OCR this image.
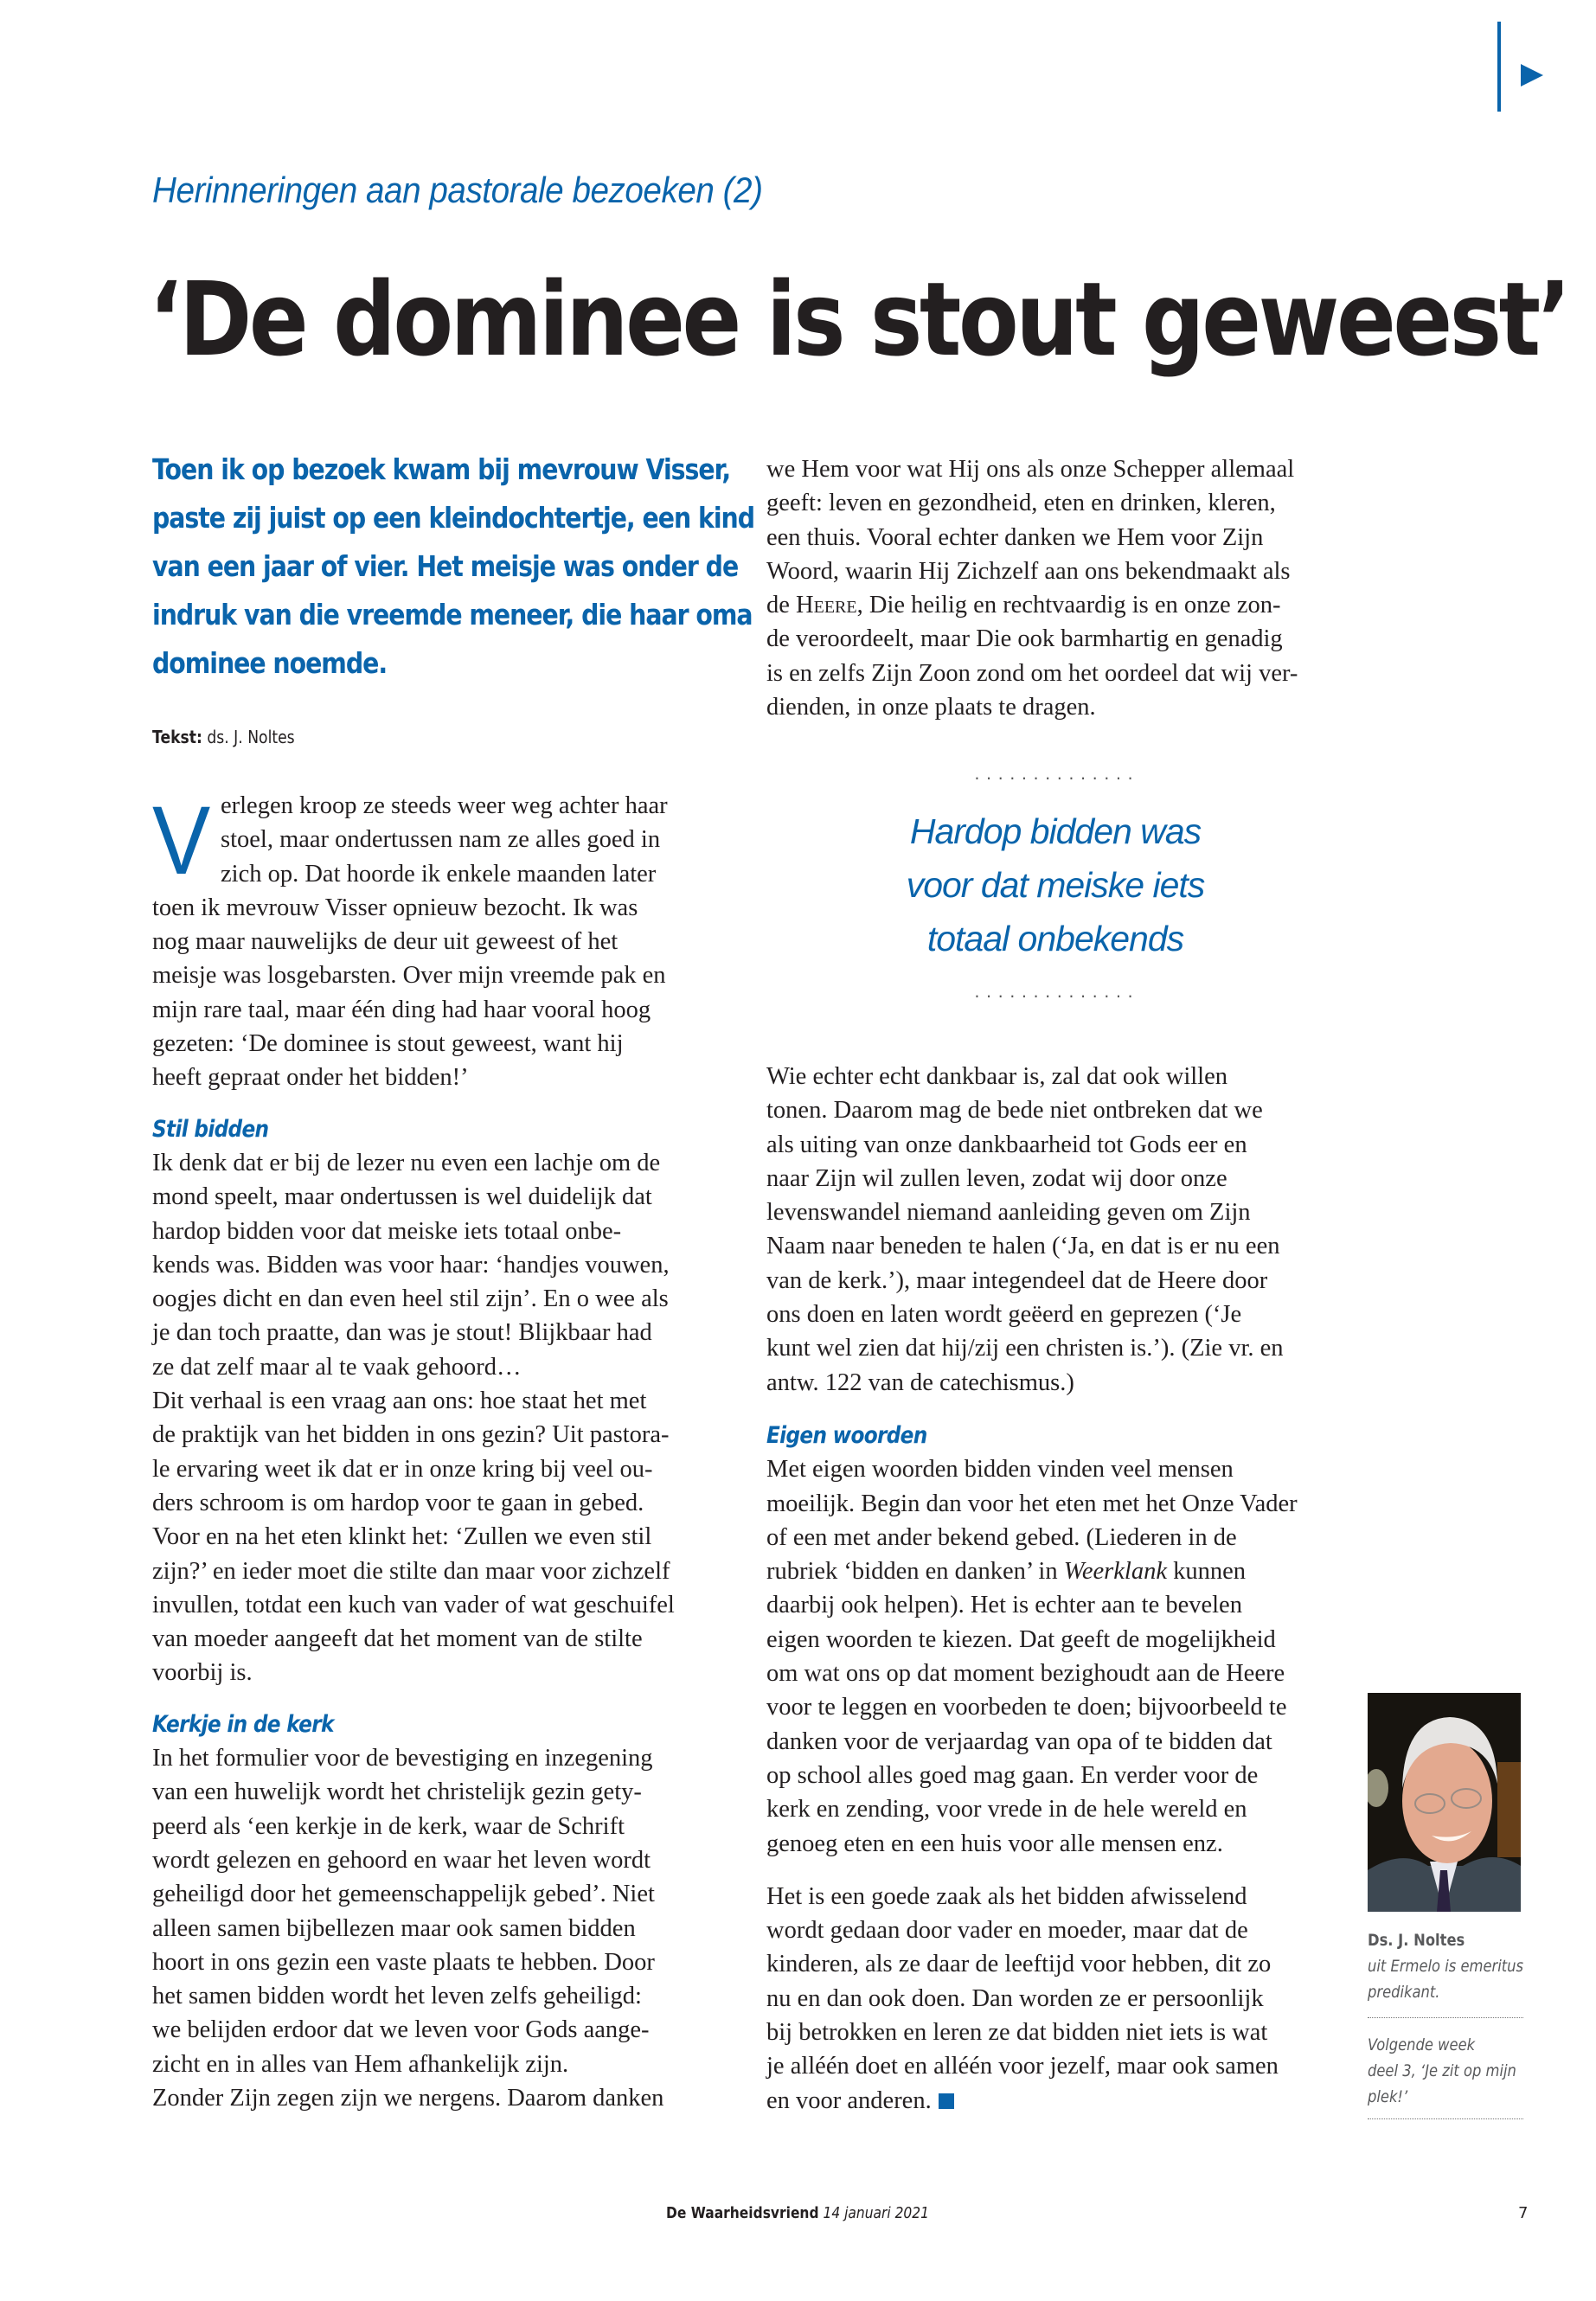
Herinneringen aan pastorale bezoeken (2)
‘De dominee is stout geweest’
Toen ik op bezoek kwam bij mevrouw Visser,
paste zij juist op een kleindochtertje, een kind
van een jaar of vier. Het meisje was onder de
indruk van die vreemde meneer, die haar oma
dominee noemde.
Tekst: ds. J. Noltes
V erlegen kroop ze steeds weer weg achter haar
stoel, maar ondertussen nam ze alles goed in
zich op. Dat hoorde ik enkele maanden later
toen ik mevrouw Visser opnieuw bezocht. Ik was
nog maar nauwelijks de deur uit geweest of het
meisje was losgebarsten. Over mijn vreemde pak en
mijn rare taal, maar één ding had haar vooral hoog
gezeten: ‘De dominee is stout geweest, want hij
heeft gepraat onder het bidden!’
Stil bidden
Ik denk dat er bij de lezer nu even een lachje om de
mond speelt, maar ondertussen is wel duidelijk dat
hardop bidden voor dat meiske iets totaal onbe-
kends was. Bidden was voor haar: ‘handjes vouwen,
oogjes dicht en dan even heel stil zijn’. En o wee als
je dan toch praatte, dan was je stout! Blijkbaar had
ze dat zelf maar al te vaak gehoord…
Dit verhaal is een vraag aan ons: hoe staat het met
de praktijk van het bidden in ons gezin? Uit pastora-
le ervaring weet ik dat er in onze kring bij veel ou-
ders schroom is om hardop voor te gaan in gebed.
Voor en na het eten klinkt het: ‘Zullen we even stil
zijn?’ en ieder moet die stilte dan maar voor zichzelf
invullen, totdat een kuch van vader of wat geschuifel
van moeder aangeeft dat het moment van de stilte
voorbij is.
Kerkje in de kerk
In het formulier voor de bevestiging en inzegening
van een huwelijk wordt het christelijk gezin gety-
peerd als ‘een kerkje in de kerk, waar de Schrift
wordt gelezen en gehoord en waar het leven wordt
geheiligd door het gemeenschappelijk gebed’. Niet
alleen samen bijbellezen maar ook samen bidden
hoort in ons gezin een vaste plaats te hebben. Door
het samen bidden wordt het leven zelfs geheiligd:
we belijden erdoor dat we leven voor Gods aange-
zicht en in alles van Hem afhankelijk zijn.
Zonder Zijn zegen zijn we nergens. Daarom danken
we Hem voor wat Hij ons als onze Schepper allemaal
geeft: leven en gezondheid, eten en drinken, kleren,
een thuis. Vooral echter danken we Hem voor Zijn
Woord, waarin Hij Zichzelf aan ons bekendmaakt als
de Heere, Die heilig en rechtvaardig is en onze zon-
de veroordeelt, maar Die ook barmhartig en genadig
is en zelfs Zijn Zoon zond om het oordeel dat wij ver-
dienden, in onze plaats te dragen.
..............
Hardop bidden was
voor dat meiske iets
totaal onbekends
..............
Wie echter echt dankbaar is, zal dat ook willen
tonen. Daarom mag de bede niet ontbreken dat we
als uiting van onze dankbaarheid tot Gods eer en
naar Zijn wil zullen leven, zodat wij door onze
levenswandel niemand aanleiding geven om Zijn
Naam naar beneden te halen (‘Ja, en dat is er nu een
van de kerk.’), maar integendeel dat de Heere door
ons doen en laten wordt geëerd en geprezen (‘Je
kunt wel zien dat hij/zij een christen is.’). (Zie vr. en
antw. 122 van de catechismus.)
Eigen woorden
Met eigen woorden bidden vinden veel mensen
moeilijk. Begin dan voor het eten met het Onze Vader
of een met ander bekend gebed. (Liederen in de
rubriek ‘bidden en danken’ in Weerklank kunnen
daarbij ook helpen). Het is echter aan te bevelen
eigen woorden te kiezen. Dat geeft de mogelijkheid
om wat ons op dat moment bezighoudt aan de Heere
voor te leggen en voorbeden te doen; bijvoorbeeld te
danken voor de verjaardag van opa of te bidden dat
op school alles goed mag gaan. En verder voor de
kerk en zending, voor vrede in de hele wereld en
genoeg eten en een huis voor alle mensen enz.
Het is een goede zaak als het bidden afwisselend
wordt gedaan door vader en moeder, maar dat de
kinderen, als ze daar de leeftijd voor hebben, dit zo
nu en dan ook doen. Dan worden ze er persoonlijk
bij betrokken en leren ze dat bidden niet iets is wat
je alléén doet en alléén voor jezelf, maar ook samen
en voor anderen.
Ds. J. Noltes
uit Ermelo is emeritus
predikant.
Volgende week
deel 3, ‘Je zit op mijn
plek!’
De Waarheidsvriend 14 januari 2021	7
